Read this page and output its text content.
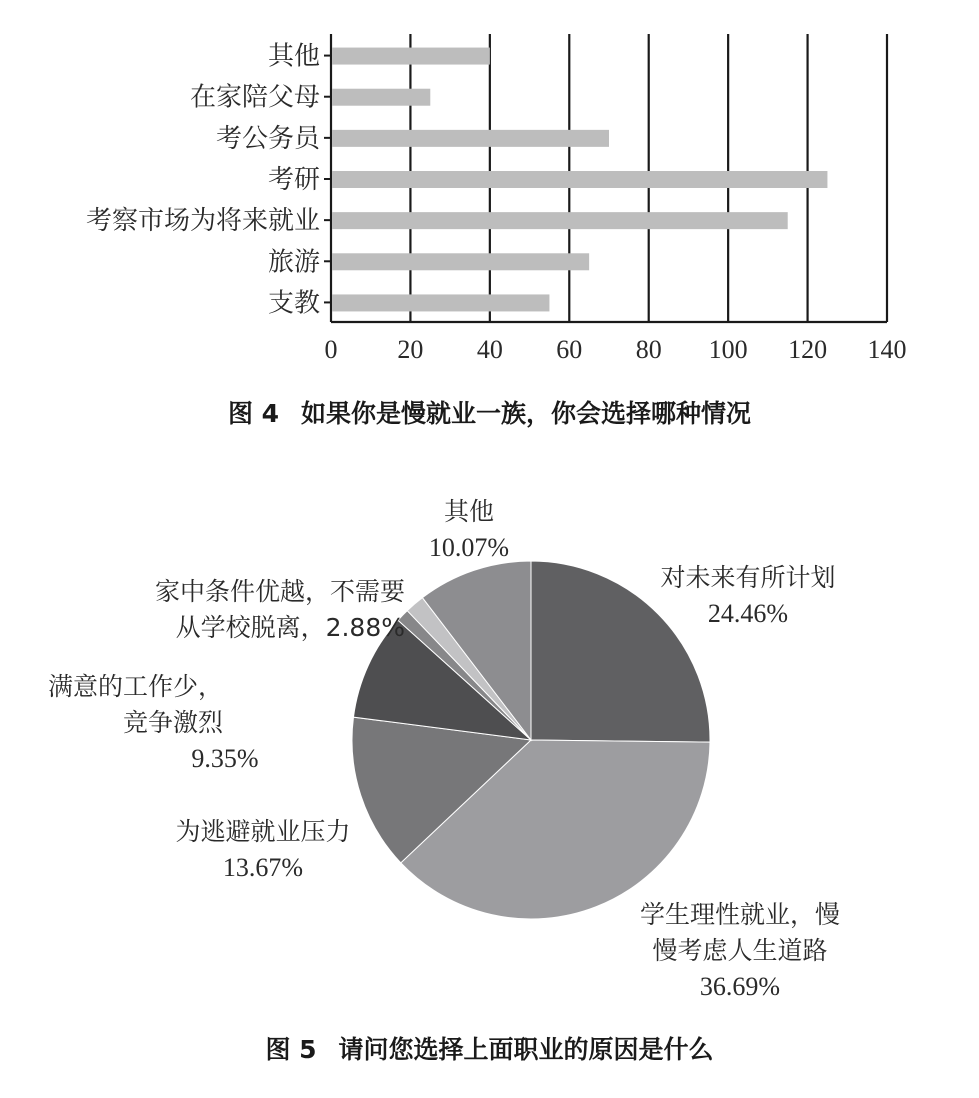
0 20 40 60 80 100 120 140
其他
在家陪父母
考公务员
考研
考察市场为将来就业
旅游
支教
图 4 如果你是慢就业一族，你会选择哪种情况
对未来有所计划
24.46%
学生理性就业，慢
慢考虑人生道路
36.69%
为逃避就业压力
13.67%
满意的工作少，
竞争激烈
9.35%
家中条件优越，不需要
从学校脱离，2.88%
其他
10.07%
图 5 请问您选择上面职业的原因是什么
